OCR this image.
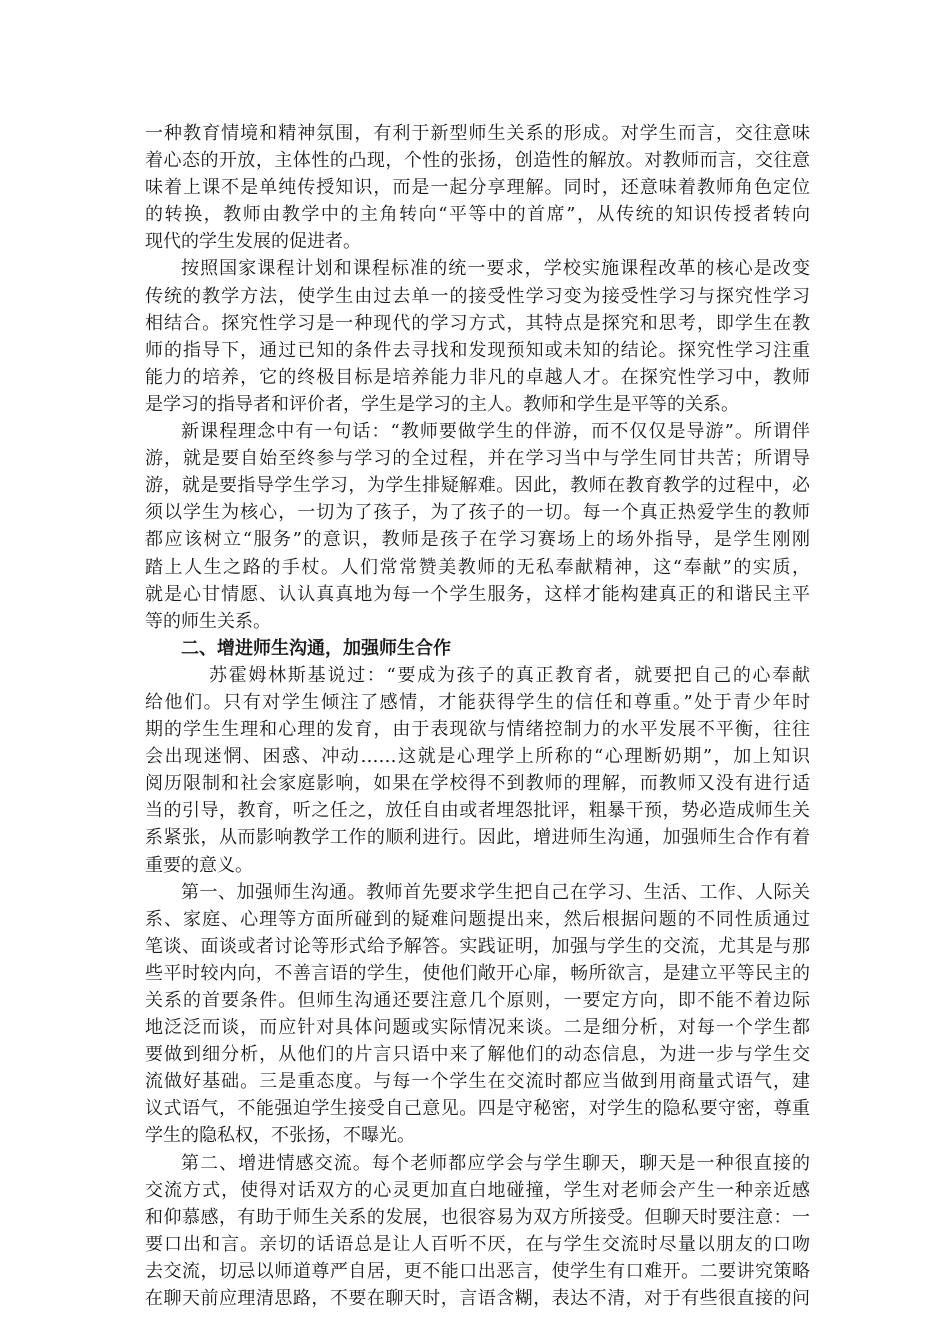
一种教育情境和精神氛围，有利于新型师生关系的形成。对学生而言，交往意味
着心态的开放，主体性的凸现，个性的张扬，创造性的解放。对教师而言，交往意
味着上课不是单纯传授知识，而是一起分享理解。同时，还意味着教师角色定位
的转换，教师由教学中的主角转向“平等中的首席”，从传统的知识传授者转向
现代的学生发展的促进者。
按照国家课程计划和课程标准的统一要求，学校实施课程改革的核心是改变
传统的教学方法，使学生由过去单一的接受性学习变为接受性学习与探究性学习
相结合。探究性学习是一种现代的学习方式，其特点是探究和思考，即学生在教
师的指导下，通过已知的条件去寻找和发现预知或未知的结论。探究性学习注重
能力的培养，它的终极目标是培养能力非凡的卓越人才。在探究性学习中，教师
是学习的指导者和评价者，学生是学习的主人。教师和学生是平等的关系。
新课程理念中有一句话：“教师要做学生的伴游，而不仅仅是导游”。所谓伴
游，就是要自始至终参与学习的全过程，并在学习当中与学生同甘共苦；所谓导
游，就是要指导学生学习，为学生排疑解难。因此，教师在教育教学的过程中，必
须以学生为核心，一切为了孩子，为了孩子的一切。每一个真正热爱学生的教师
都应该树立“服务”的意识，教师是孩子在学习赛场上的场外指导，是学生刚刚
踏上人生之路的手杖。人们常常赞美教师的无私奉献精神，这“奉献”的实质，
就是心甘情愿、认认真真地为每一个学生服务，这样才能构建真正的和谐民主平
等的师生关系。
二、增进师生沟通，加强师生合作
苏霍姆林斯基说过：“要成为孩子的真正教育者，就要把自己的心奉献
给他们。只有对学生倾注了感情，才能获得学生的信任和尊重。”处于青少年时
期的学生生理和心理的发育，由于表现欲与情绪控制力的水平发展不平衡，往往
会出现迷惘、困惑、冲动……这就是心理学上所称的“心理断奶期”，加上知识
阅历限制和社会家庭影响，如果在学校得不到教师的理解，而教师又没有进行适
当的引导，教育，听之任之，放任自由或者埋怨批评，粗暴干预，势必造成师生关
系紧张，从而影响教学工作的顺利进行。因此，增进师生沟通，加强师生合作有着
重要的意义。
第一、加强师生沟通。教师首先要求学生把自己在学习、生活、工作、人际关
系、家庭、心理等方面所碰到的疑难问题提出来，然后根据问题的不同性质通过
笔谈、面谈或者讨论等形式给予解答。实践证明，加强与学生的交流，尤其是与那
些平时较内向，不善言语的学生，使他们敞开心扉，畅所欲言，是建立平等民主的
关系的首要条件。但师生沟通还要注意几个原则，一要定方向，即不能不着边际
地泛泛而谈，而应针对具体问题或实际情况来谈。二是细分析，对每一个学生都
要做到细分析，从他们的片言只语中来了解他们的动态信息，为进一步与学生交
流做好基础。三是重态度。与每一个学生在交流时都应当做到用商量式语气，建
议式语气，不能强迫学生接受自己意见。四是守秘密，对学生的隐私要守密，尊重
学生的隐私权，不张扬，不曝光。
第二、增进情感交流。每个老师都应学会与学生聊天，聊天是一种很直接的
交流方式，使得对话双方的心灵更加直白地碰撞，学生对老师会产生一种亲近感
和仰慕感，有助于师生关系的发展，也很容易为双方所接受。但聊天时要注意：一
要口出和言。亲切的话语总是让人百听不厌，在与学生交流时尽量以朋友的口吻
去交流，切忌以师道尊严自居，更不能口出恶言，使学生有口难开。二要讲究策略
在聊天前应理清思路，不要在聊天时，言语含糊，表达不清，对于有些很直接的问
